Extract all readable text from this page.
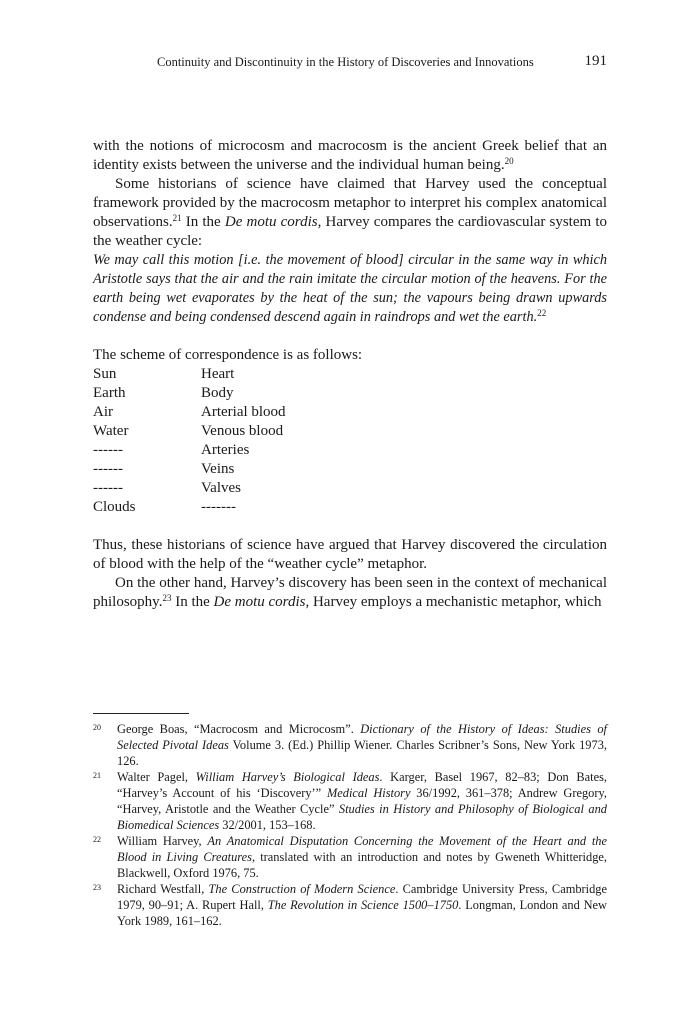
Continuity and Discontinuity in the History of Discoveries and Innovations	191

with the notions of microcosm and macrocosm is the ancient Greek belief that an identity exists between the universe and the individual human being.$^{20}$

Some historians of science have claimed that Harvey used the conceptual framework provided by the macrocosm metaphor to interpret his complex anatomical observations.$^{21}$ In the De motu cordis, Harvey compares the cardiovascular system to the weather cycle:

We may call this motion [i.e. the movement of blood] circular in the same way in which Aristotle says that the air and the rain imitate the circular motion of the heavens. For the earth being wet evaporates by the heat of the sun; the vapours being drawn upwards condense and being condensed descend again in raindrops and wet the earth.$^{22}$

The scheme of correspondence is as follows:

Sun	Heart
Earth	Body
Air	Arterial blood
Water	Venous blood
------	Arteries
------	Veins
------	Valves
Clouds	-------

Thus, these historians of science have argued that Harvey discovered the circulation of blood with the help of the “weather cycle” metaphor.

On the other hand, Harvey’s discovery has been seen in the context of mechanical philosophy.$^{23}$ In the De motu cordis, Harvey employs a mechanistic metaphor, which

20 George Boas, “Macrocosm and Microcosm”. Dictionary of the History of Ideas: Studies of Selected Pivotal Ideas Volume 3. (Ed.) Phillip Wiener. Charles Scribner’s Sons, New York 1973, 126.
21 Walter Pagel, William Harvey’s Biological Ideas. Karger, Basel 1967, 82–83; Don Bates, “Harvey’s Account of his ‘Discovery’” Medical History 36/1992, 361–378; Andrew Gregory, “Harvey, Aristotle and the Weather Cycle” Studies in History and Philosophy of Biological and Biomedical Sciences 32/2001, 153–168.
22 William Harvey, An Anatomical Disputation Concerning the Movement of the Heart and the Blood in Living Creatures, translated with an introduction and notes by Gweneth Whitteridge, Blackwell, Oxford 1976, 75.
23 Richard Westfall, The Construction of Modern Science. Cambridge University Press, Cambridge 1979, 90–91; A. Rupert Hall, The Revolution in Science 1500–1750. Longman, London and New York 1989, 161–162.
